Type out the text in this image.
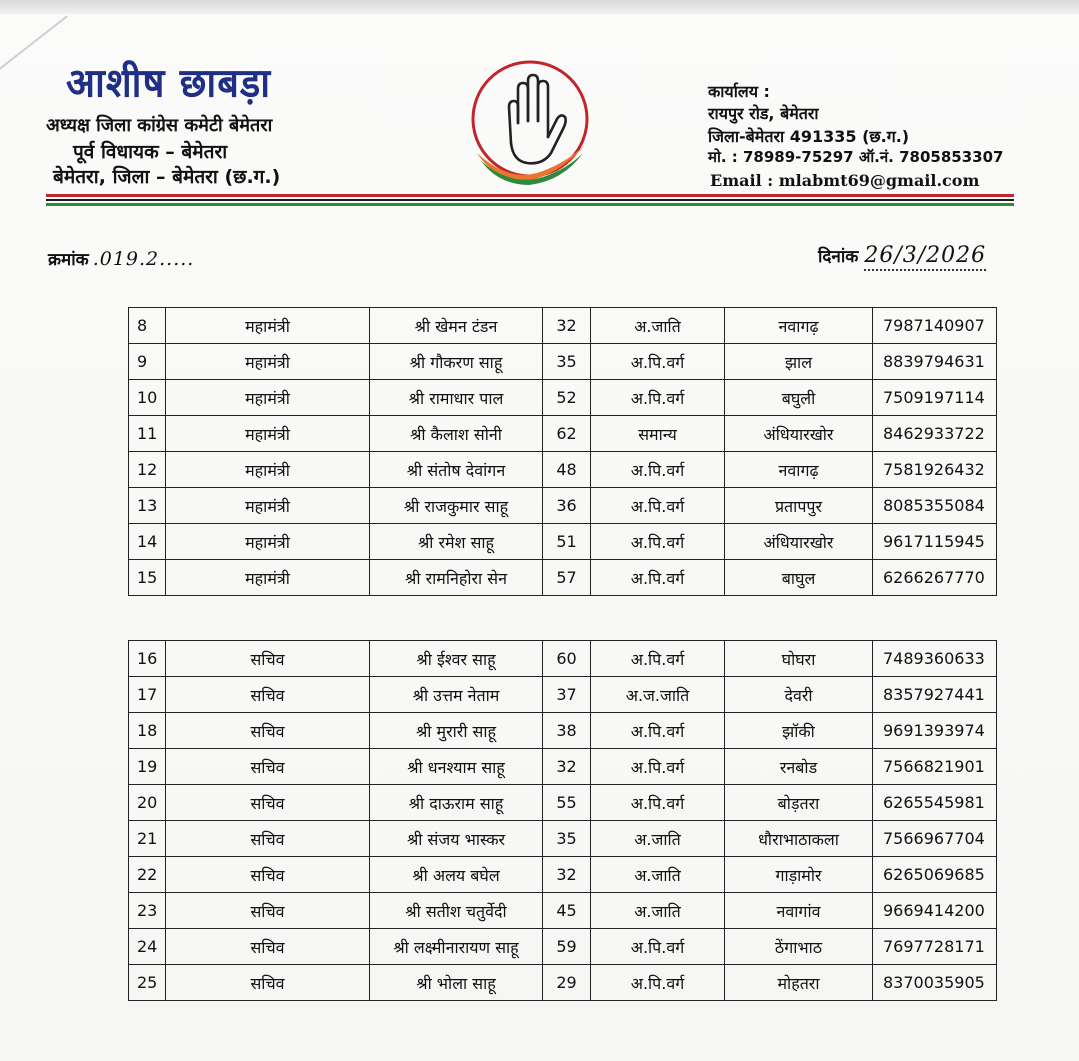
आशीष छाबड़ा
अध्यक्ष जिला कांग्रेस कमेटी बेमेतरा
पूर्व विधायक – बेमेतरा
बेमेतरा, जिला – बेमेतरा (छ.ग.)
कार्यालय :
रायपुर रोड, बेमेतरा
जिला-बेमेतरा 491335 (छ.ग.)
मो. : 78989-75297 ऑ.नं. 7805853307
Email : mlabmt69@gmail.com
क्रमांक .019.2.....	दिनांक 26/3/2026
8	महामंत्री	श्री खेमन टंडन	32	अ.जाति	नवागढ़	7987140907
9	महामंत्री	श्री गौकरण साहू	35	अ.पि.वर्ग	झाल	8839794631
10	महामंत्री	श्री रामाधार पाल	52	अ.पि.वर्ग	बघुली	7509197114
11	महामंत्री	श्री कैलाश सोनी	62	समान्य	अंधियारखोर	8462933722
12	महामंत्री	श्री संतोष देवांगन	48	अ.पि.वर्ग	नवागढ़	7581926432
13	महामंत्री	श्री राजकुमार साहू	36	अ.पि.वर्ग	प्रतापपुर	8085355084
14	महामंत्री	श्री रमेश साहू	51	अ.पि.वर्ग	अंधियारखोर	9617115945
15	महामंत्री	श्री रामनिहोरा सेन	57	अ.पि.वर्ग	बाघुल	6266267770
16	सचिव	श्री ईश्वर साहू	60	अ.पि.वर्ग	घोघरा	7489360633
17	सचिव	श्री उत्तम नेताम	37	अ.ज.जाति	देवरी	8357927441
18	सचिव	श्री मुरारी साहू	38	अ.पि.वर्ग	झॉकी	9691393974
19	सचिव	श्री धनश्याम साहू	32	अ.पि.वर्ग	रनबोड	7566821901
20	सचिव	श्री दाऊराम साहू	55	अ.पि.वर्ग	बोड़तरा	6265545981
21	सचिव	श्री संजय भास्कर	35	अ.जाति	धौराभाठाकला	7566967704
22	सचिव	श्री अलय बघेल	32	अ.जाति	गाड़ामोर	6265069685
23	सचिव	श्री सतीश चतुर्वेदी	45	अ.जाति	नवागांव	9669414200
24	सचिव	श्री लक्ष्मीनारायण साहू	59	अ.पि.वर्ग	ठेंगाभाठ	7697728171
25	सचिव	श्री भोला साहू	29	अ.पि.वर्ग	मोहतरा	8370035905
